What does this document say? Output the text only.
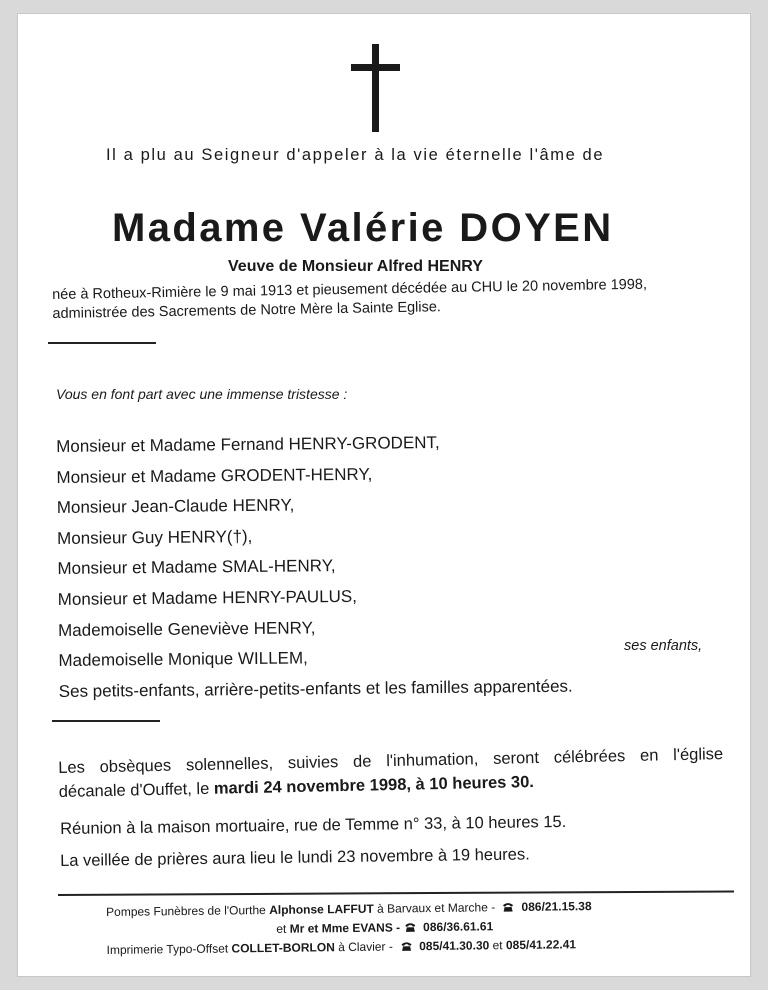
Il a plu au Seigneur d'appeler à la vie éternelle l'âme de

Madame Valérie DOYEN

Veuve de Monsieur Alfred HENRY

née à Rotheux-Rimière le 9 mai 1913 et pieusement décédée au CHU le 20 novembre 1998,
administrée des Sacrements de Notre Mère la Sainte Eglise.

Vous en font part avec une immense tristesse :

Monsieur et Madame Fernand HENRY-GRODENT,
Monsieur et Madame GRODENT-HENRY,
Monsieur Jean-Claude HENRY,
Monsieur Guy HENRY(†),
Monsieur et Madame SMAL-HENRY,
Monsieur et Madame HENRY-PAULUS,
Mademoiselle Geneviève HENRY,
Mademoiselle Monique WILLEM,
Ses petits-enfants, arrière-petits-enfants et les familles apparentées.

ses enfants,

Les obsèques solennelles, suivies de l'inhumation, seront célébrées en l'église
décanale d'Ouffet, le mardi 24 novembre 1998, à 10 heures 30.

Réunion à la maison mortuaire, rue de Temme n° 33, à 10 heures 15.

La veillée de prières aura lieu le lundi 23 novembre à 19 heures.

Pompes Funèbres de l'Ourthe Alphonse LAFFUT à Barvaux et Marche -
086/21.15.38
et Mr et Mme EVANS - 086/36.61.61
Imprimerie Typo-Offset COLLET-BORLON à Clavier -
085/41.30.30 et 085/41.22.41
